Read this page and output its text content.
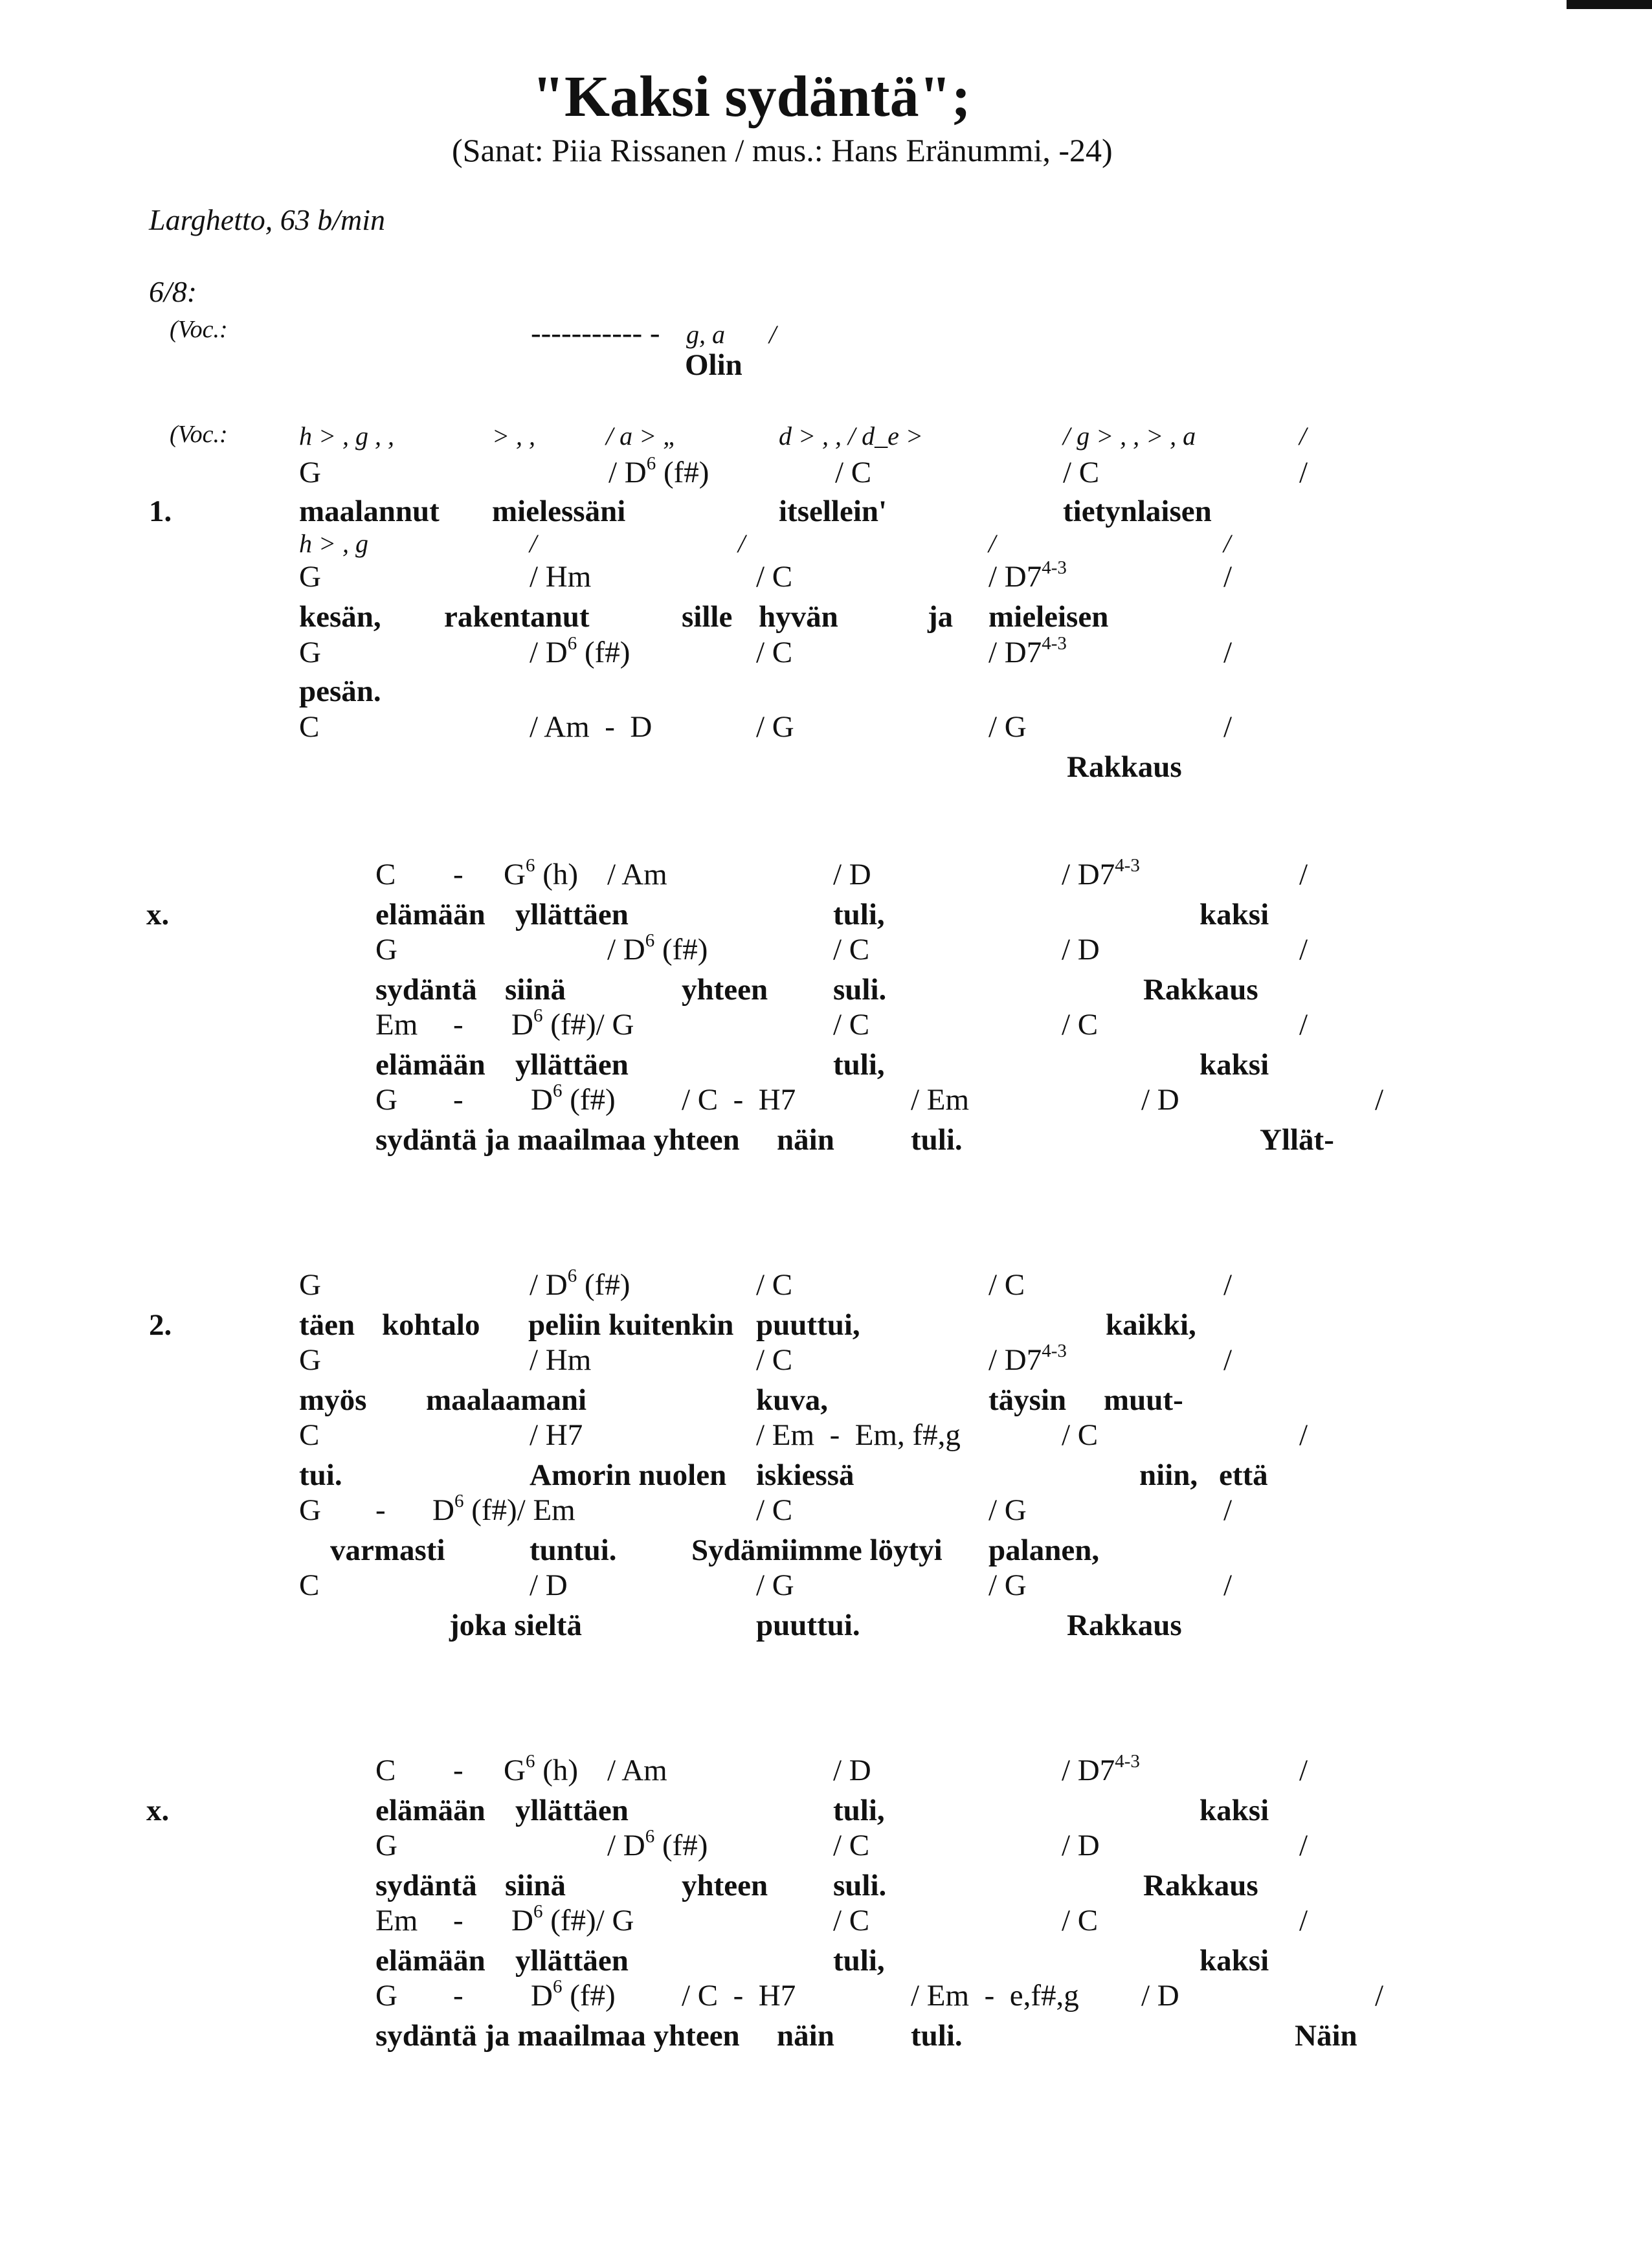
"Kaksi sydäntä";
(Sanat: Piia Rissanen / mus.: Hans Eränummi, -24)
Larghetto, 63 b/min
6/8:
(Voc.:	----------- - g, a /
Olin
(Voc.:	h > , g , ,	> , ,	/ a > „	d > , , / d_e >	/ g > , , > , a	/
G	/ $D^6$ (f#)	/ C	/ C	/
1.	maalannut mielessäni	itsellein'	tietynlaisen
h > , g	/	/	/	/
G	/ Hm	/ C	/ D7$^{4-3}$	/
kesän, rakentanut	sille hyvän	ja mieleisen
G	/ $D^6$ (f#)	/ C	/ D7$^{4-3}$	/
pesän.
C	/ Am  -  D	/ G	/ G	/
Rakkaus
C - $G^6$ (h) / Am	/ D	/ D7$^{4-3}$	/
x.	elämään yllättäen	tuli,	kaksi
G	/ $D^6$ (f#)	/ C	/ D	/
sydäntä siinä	yhteen suli.	Rakkaus
Em - $D^6$ (f#)/ G	/ C	/ C	/
elämään yllättäen	tuli,	kaksi
G - $D^6$ (f#) / C  -  H7	/ Em	/ D	/
sydäntä ja maailmaa yhteen näin	tuli.	Yllät-
G	/ $D^6$ (f#)	/ C	/ C	/
2.	täen kohtalo peliin kuitenkin puuttui,	kaikki,
G	/ Hm	/ C	/ D7$^{4-3}$	/
myös maalaamani	kuva,	täysin muut-
C	/ H7	/ Em  -  Em, f#,g	/ C	/
tui.	Amorin nuolen iskiessä	niin, että
G - $D^6$ (f#)/ Em	/ C	/ G	/
varmasti	tuntui. Sydämiimme löytyi palanen,
C	/ D	/ G	/ G	/
joka sieltä	puuttui.	Rakkaus
C - $G^6$ (h) / Am	/ D	/ D7$^{4-3}$	/
x.	elämään yllättäen	tuli,	kaksi
G	/ $D^6$ (f#)	/ C	/ D	/
sydäntä siinä	yhteen suli.	Rakkaus
Em - $D^6$ (f#)/ G	/ C	/ C	/
elämään yllättäen	tuli,	kaksi
G - $D^6$ (f#) / C  -  H7	/ Em  -  e,f#,g / D	/
sydäntä ja maailmaa yhteen näin	tuli.	Näin
